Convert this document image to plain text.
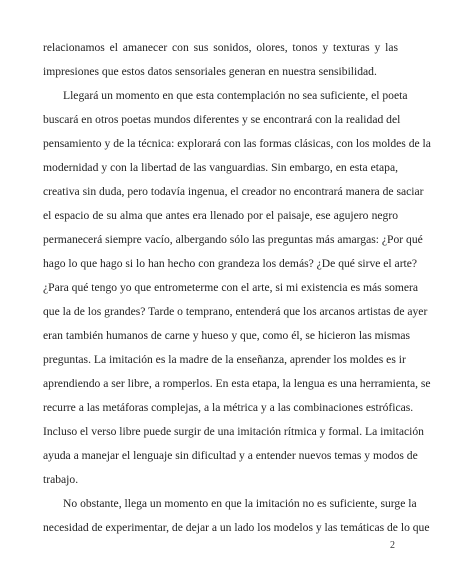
relacionamos el amanecer con sus sonidos, olores, tonos y texturas y las

impresiones que estos datos sensoriales generan en nuestra sensibilidad.

Llegará un momento en que esta contemplación no sea suficiente, el poeta

buscará en otros poetas mundos diferentes y se encontrará con la realidad del

pensamiento y de la técnica: explorará con las formas clásicas, con los moldes de la

modernidad y con la libertad de las vanguardias. Sin embargo, en esta etapa,

creativa sin duda, pero todavía ingenua, el creador no encontrará manera de saciar

el espacio de su alma que antes era llenado por el paisaje, ese agujero negro

permanecerá siempre vacío, albergando sólo las preguntas más amargas: ¿Por qué

hago lo que hago si lo han hecho con grandeza los demás? ¿De qué sirve el arte?

¿Para qué tengo yo que entrometerme con el arte, si mi existencia es más somera

que la de los grandes? Tarde o temprano, entenderá que los arcanos artistas de ayer

eran también humanos de carne y hueso y que, como él, se hicieron las mismas

preguntas. La imitación es la madre de la enseñanza, aprender los moldes es ir

aprendiendo a ser libre, a romperlos. En esta etapa, la lengua es una herramienta, se

recurre a las metáforas complejas, a la métrica y a las combinaciones estróficas.

Incluso el verso libre puede surgir de una imitación rítmica y formal. La imitación

ayuda a manejar el lenguaje sin dificultad y a entender nuevos temas y modos de

trabajo.

No obstante, llega un momento en que la imitación no es suficiente, surge la

necesidad de experimentar, de dejar a un lado los modelos y las temáticas de lo que

2
